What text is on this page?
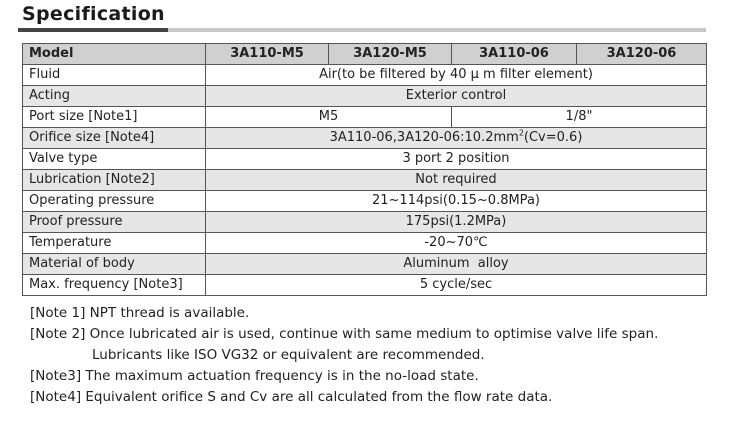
Specification
Model	3A110-M5	3A120-M5	3A110-06	3A120-06
Fluid	Air(to be filtered by 40 μ m filter element)			
Acting	Exterior control			
Port size [Note1]	M5		1/8"	
Orifice size [Note4]	$3A110-06,3A120-06:10.2mm^2(Cv=0.6)$			
Valve type	3 port 2 position			
Lubrication [Note2]	Not required			
Operating pressure	21~114psi(0.15~0.8MPa)			
Proof pressure	175psi(1.2MPa)			
Temperature	-20~70℃			
Material of body	Aluminum  alloy			
Max. frequency [Note3]	5 cycle/sec			
[Note 1] NPT thread is available.
[Note 2] Once lubricated air is used, continue with same medium to optimise valve life span.
Lubricants like ISO VG32 or equivalent are recommended.
[Note3] The maximum actuation frequency is in the no-load state.
[Note4] Equivalent orifice S and Cv are all calculated from the flow rate data.
